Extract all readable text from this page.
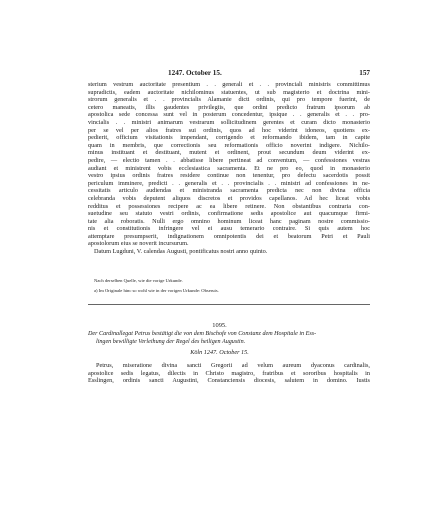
1247. October 15.	157
sterium vestrum auctoritate presentium . . generali et . . provinciali ministris committimus
supradictis, eadem auctoritate nichilominus statuentes, ut sub magisterio et doctrina mini-
strorum generalis et . . provincialis Alamanie dicti ordinis, qui pro tempore fuerint, de
cetero maneatis, illis gaudentes privilegiis, que ordini predicto fratrum ipsorum ab
apostolica sede concessa sunt vel in posterum concedentur, ipsique . . generalis et . . pro-
vincialis . . ministri animarum vestrarum sollicitudinem gerentes et curam dicto monasterio
per se vel per alios fratres sui ordinis, quos ad hoc viderint idoneos, quotiens ex-
pedierit, officium visitationis impendant, corrigendo et reformando ibidem, tam in capite
quam in membris, que correctionis seu reformationis officio noverint indigere. Nichilo-
minus instituant et destituant, mutent et ordinent, prout secundum deum viderint ex-
pedire, — electio tamen . . abbatisse libere pertineat ad conventum, — confessiones vestras
audiant et ministrent vobis ecclesiastica sacramenta. Et ne pro eo, quod in monasterio
vestro ipsius ordinis fratres residere continue non tenentur, pro defectu sacerdotis possit
periculum imminere, predicti . . generalis et . . provincialis . . ministri ad confessiones in ne-
cessitatis articulo audiendas et ministranda sacramenta predicta nec non divina officia
celebranda vobis deputent aliquos discretos et providos capellanos. Ad hec liceat vobis
redditus et possessiones recipere ac ea libere retinere. Non obstantibus contraria con-
suetudine seu statuto vestri ordinis, confirmatione sedis apostolice aut quacumque firmi-
tate alia roboratis. Nulli ergo omnino hominum liceat hanc paginam nostre commissio-
nis et constitutionis infringere vel ei ausu temerario contraire. Si quis autem hoc
attemptare presumpserit, indignationem omnipotentis dei et beatorum Petri et Pauli
apostolorum eius se noverit incursurum.
Datum Lugduni, V. calendas Augusti, pontificatus nostri anno quinto.
Nach derselben Quelle, wie die vorige Urkunde.
a) Im Originale hinc so wohl wie in der vorigen Urkunde: Obseruis.
1095.
Der Cardinallegat Petrus bestätigt die von dem Bischofe von Constanz dem Hospitale in Ess-
lingen bewilligte Verleihung der Regel des heiligen Augustin.
Köln 1247. October 15.
Petrus, miseratione divina sancti Gregorii ad velum aureum dyaconus cardinalis,
apostolice sedis legatus, dilectis in Christo magistro, fratribus et sororibus hospitalis in
Esslingen, ordinis sancti Augustini, Constanciensis diocesis, salutem in domino. Iustis
